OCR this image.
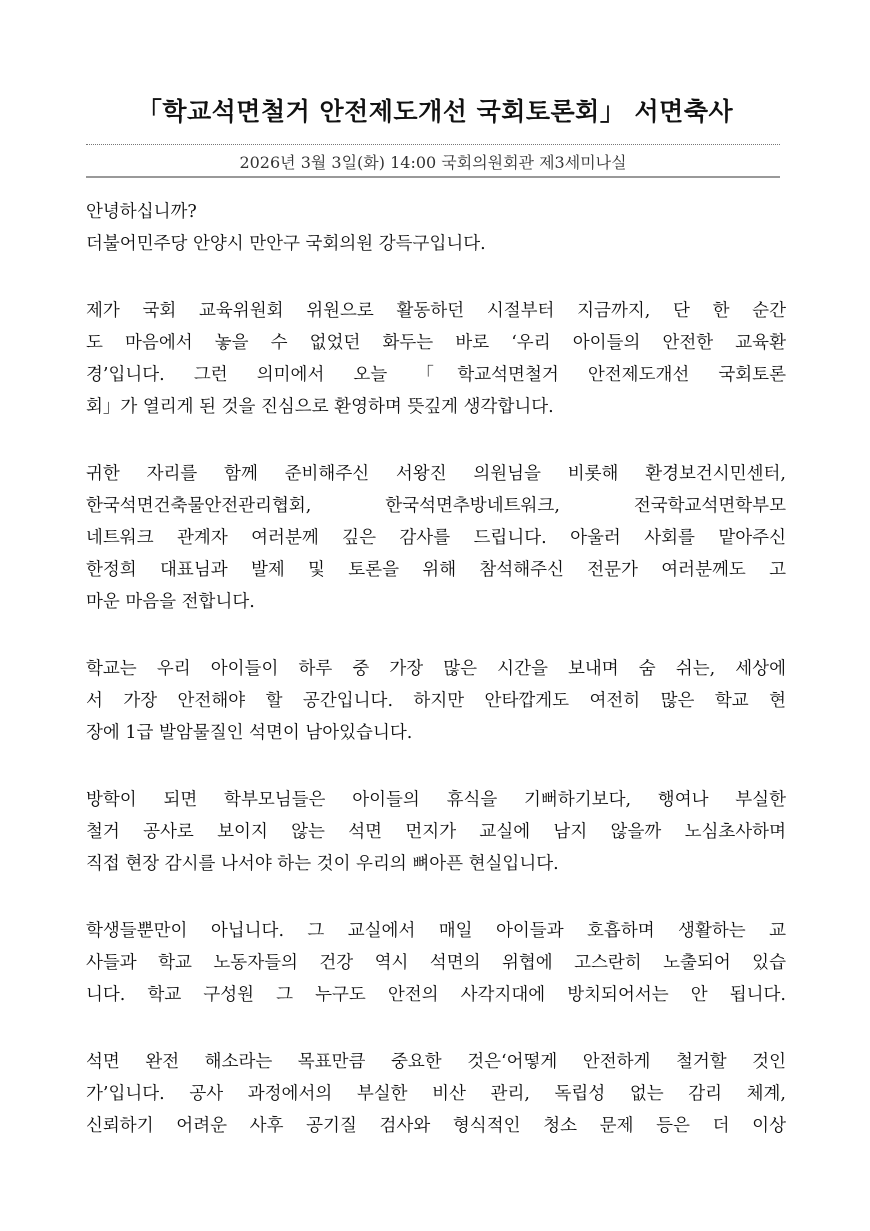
「학교석면철거 안전제도개선 국회토론회」 서면축사
2026년 3월 3일(화) 14:00 국회의원회관 제3세미나실
안녕하십니까?
더불어민주당 안양시 만안구 국회의원 강득구입니다.
제가 국회 교육위원회 위원으로 활동하던 시절부터 지금까지, 단 한 순간
도 마음에서 놓을 수 없었던 화두는 바로 ‘우리 아이들의 안전한 교육환
경’입니다. 그런 의미에서 오늘 「학교석면철거 안전제도개선 국회토론
회」가 열리게 된 것을 진심으로 환영하며 뜻깊게 생각합니다.
귀한 자리를 함께 준비해주신 서왕진 의원님을 비롯해 환경보건시민센터,
한국석면건축물안전관리협회, 한국석면추방네트워크, 전국학교석면학부모
네트워크 관계자 여러분께 깊은 감사를 드립니다. 아울러 사회를 맡아주신
한정희 대표님과 발제 및 토론을 위해 참석해주신 전문가 여러분께도 고
마운 마음을 전합니다.
학교는 우리 아이들이 하루 중 가장 많은 시간을 보내며 숨 쉬는, 세상에
서 가장 안전해야 할 공간입니다. 하지만 안타깝게도 여전히 많은 학교 현
장에 1급 발암물질인 석면이 남아있습니다.
방학이 되면 학부모님들은 아이들의 휴식을 기뻐하기보다, 행여나 부실한
철거 공사로 보이지 않는 석면 먼지가 교실에 남지 않을까 노심초사하며
직접 현장 감시를 나서야 하는 것이 우리의 뼈아픈 현실입니다.
학생들뿐만이 아닙니다. 그 교실에서 매일 아이들과 호흡하며 생활하는 교
사들과 학교 노동자들의 건강 역시 석면의 위협에 고스란히 노출되어 있습
니다. 학교 구성원 그 누구도 안전의 사각지대에 방치되어서는 안 됩니다.
석면 완전 해소라는 목표만큼 중요한 것은‘어떻게 안전하게 철거할 것인
가’입니다. 공사 과정에서의 부실한 비산 관리, 독립성 없는 감리 체계,
신뢰하기 어려운 사후 공기질 검사와 형식적인 청소 문제 등은 더 이상
